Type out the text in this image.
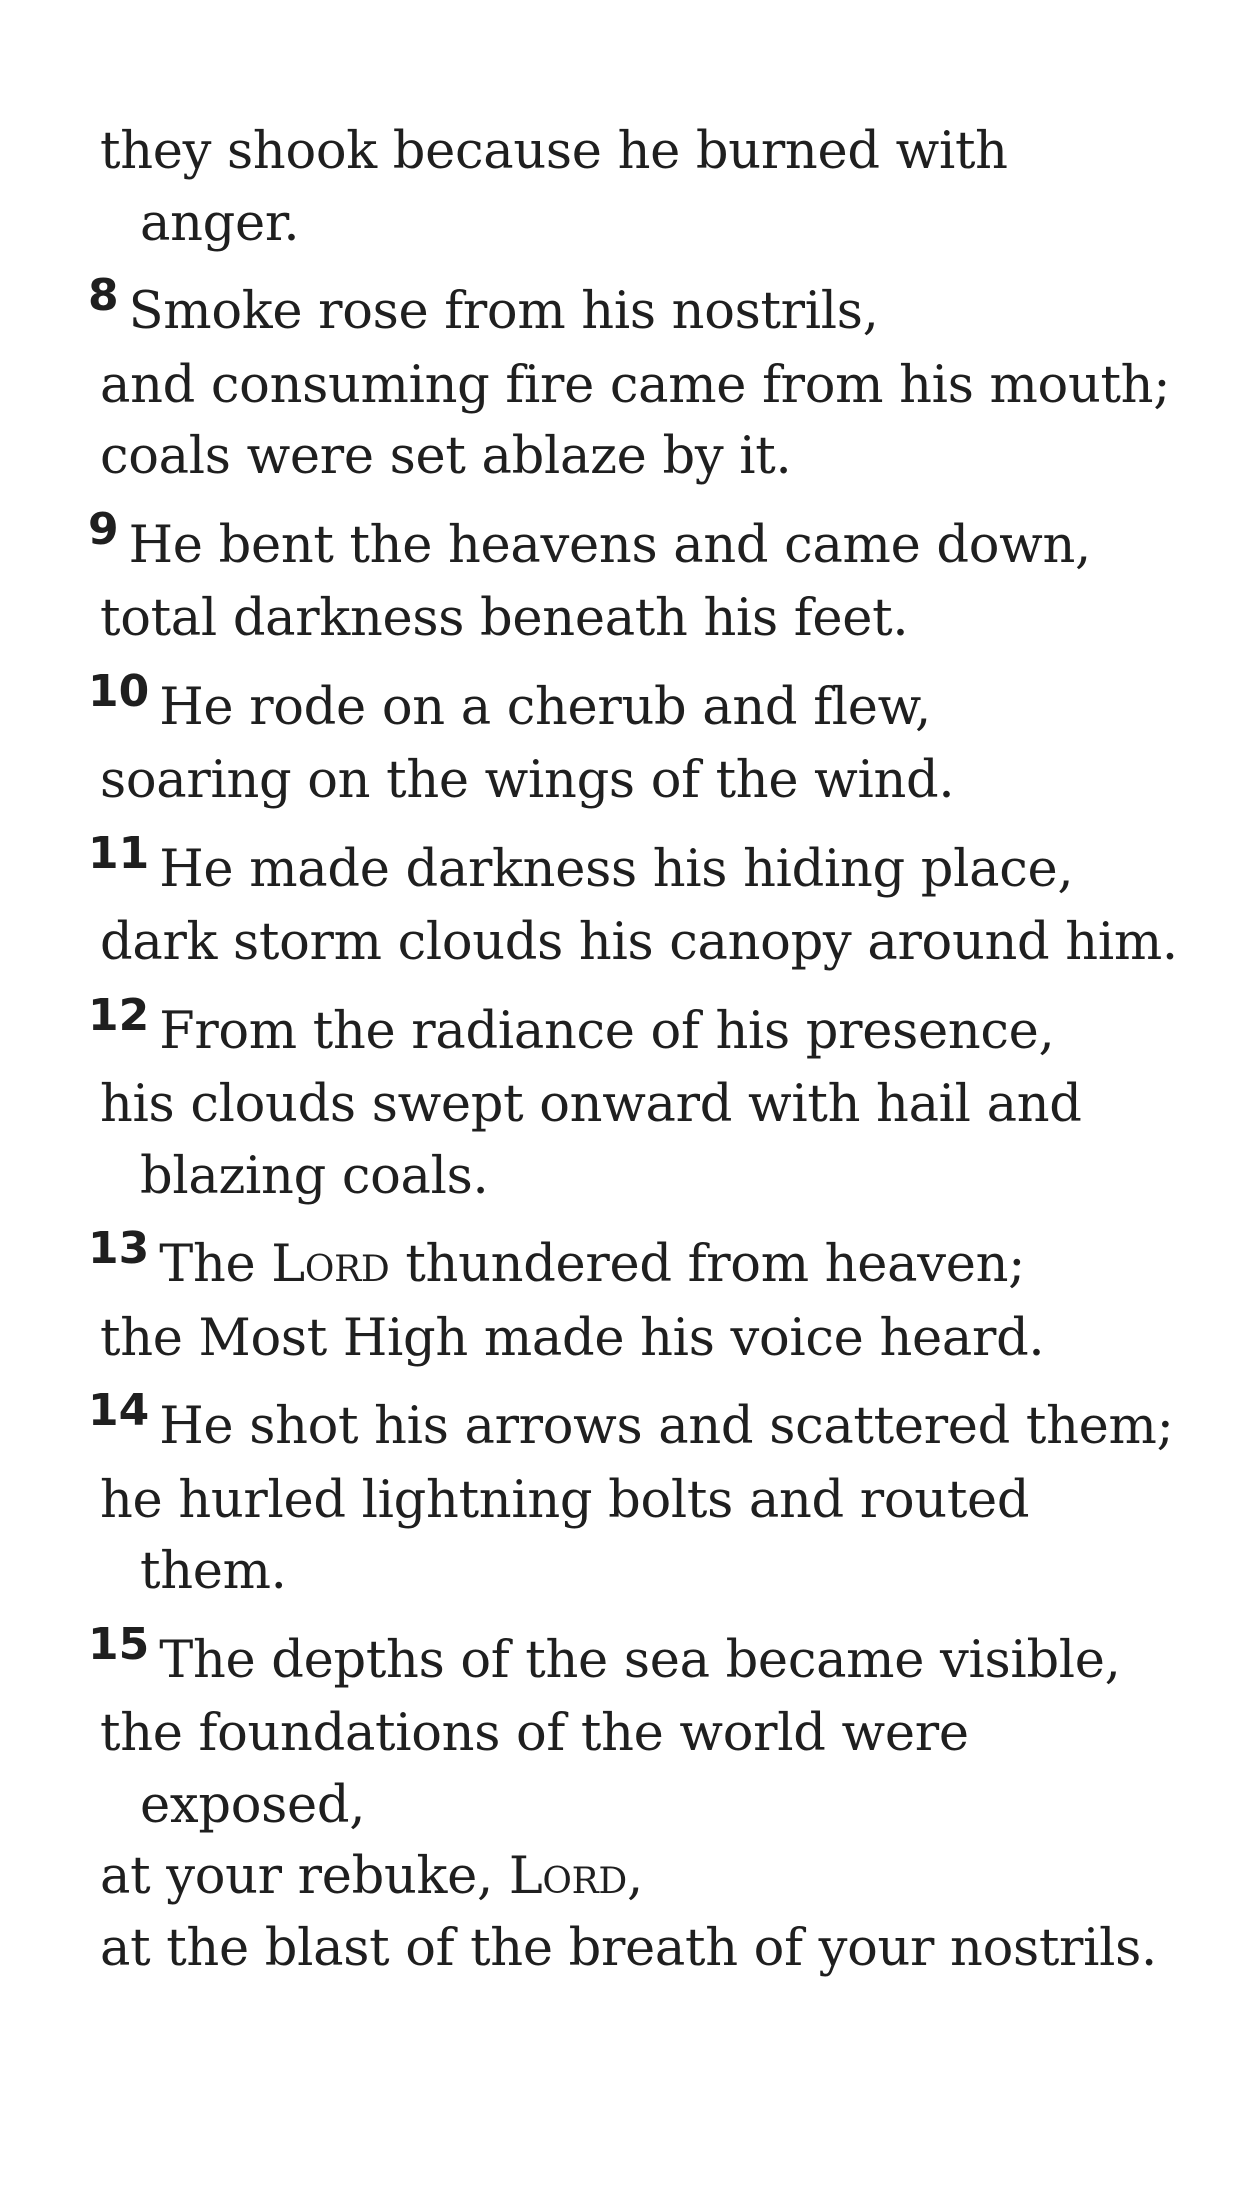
they shook because he burned with anger.

8 Smoke rose from his nostrils,
and consuming fire came from his mouth;
coals were set ablaze by it.

9 He bent the heavens and came down,
total darkness beneath his feet.

10 He rode on a cherub and flew,
soaring on the wings of the wind.

11 He made darkness his hiding place,
dark storm clouds his canopy around him.

12 From the radiance of his presence,
his clouds swept onward with hail and blazing coals.

13 The Lord thundered from heaven;
the Most High made his voice heard.

14 He shot his arrows and scattered them;
he hurled lightning bolts and routed them.

15 The depths of the sea became visible,
the foundations of the world were exposed,
at your rebuke, Lord,
at the blast of the breath of your nostrils.
